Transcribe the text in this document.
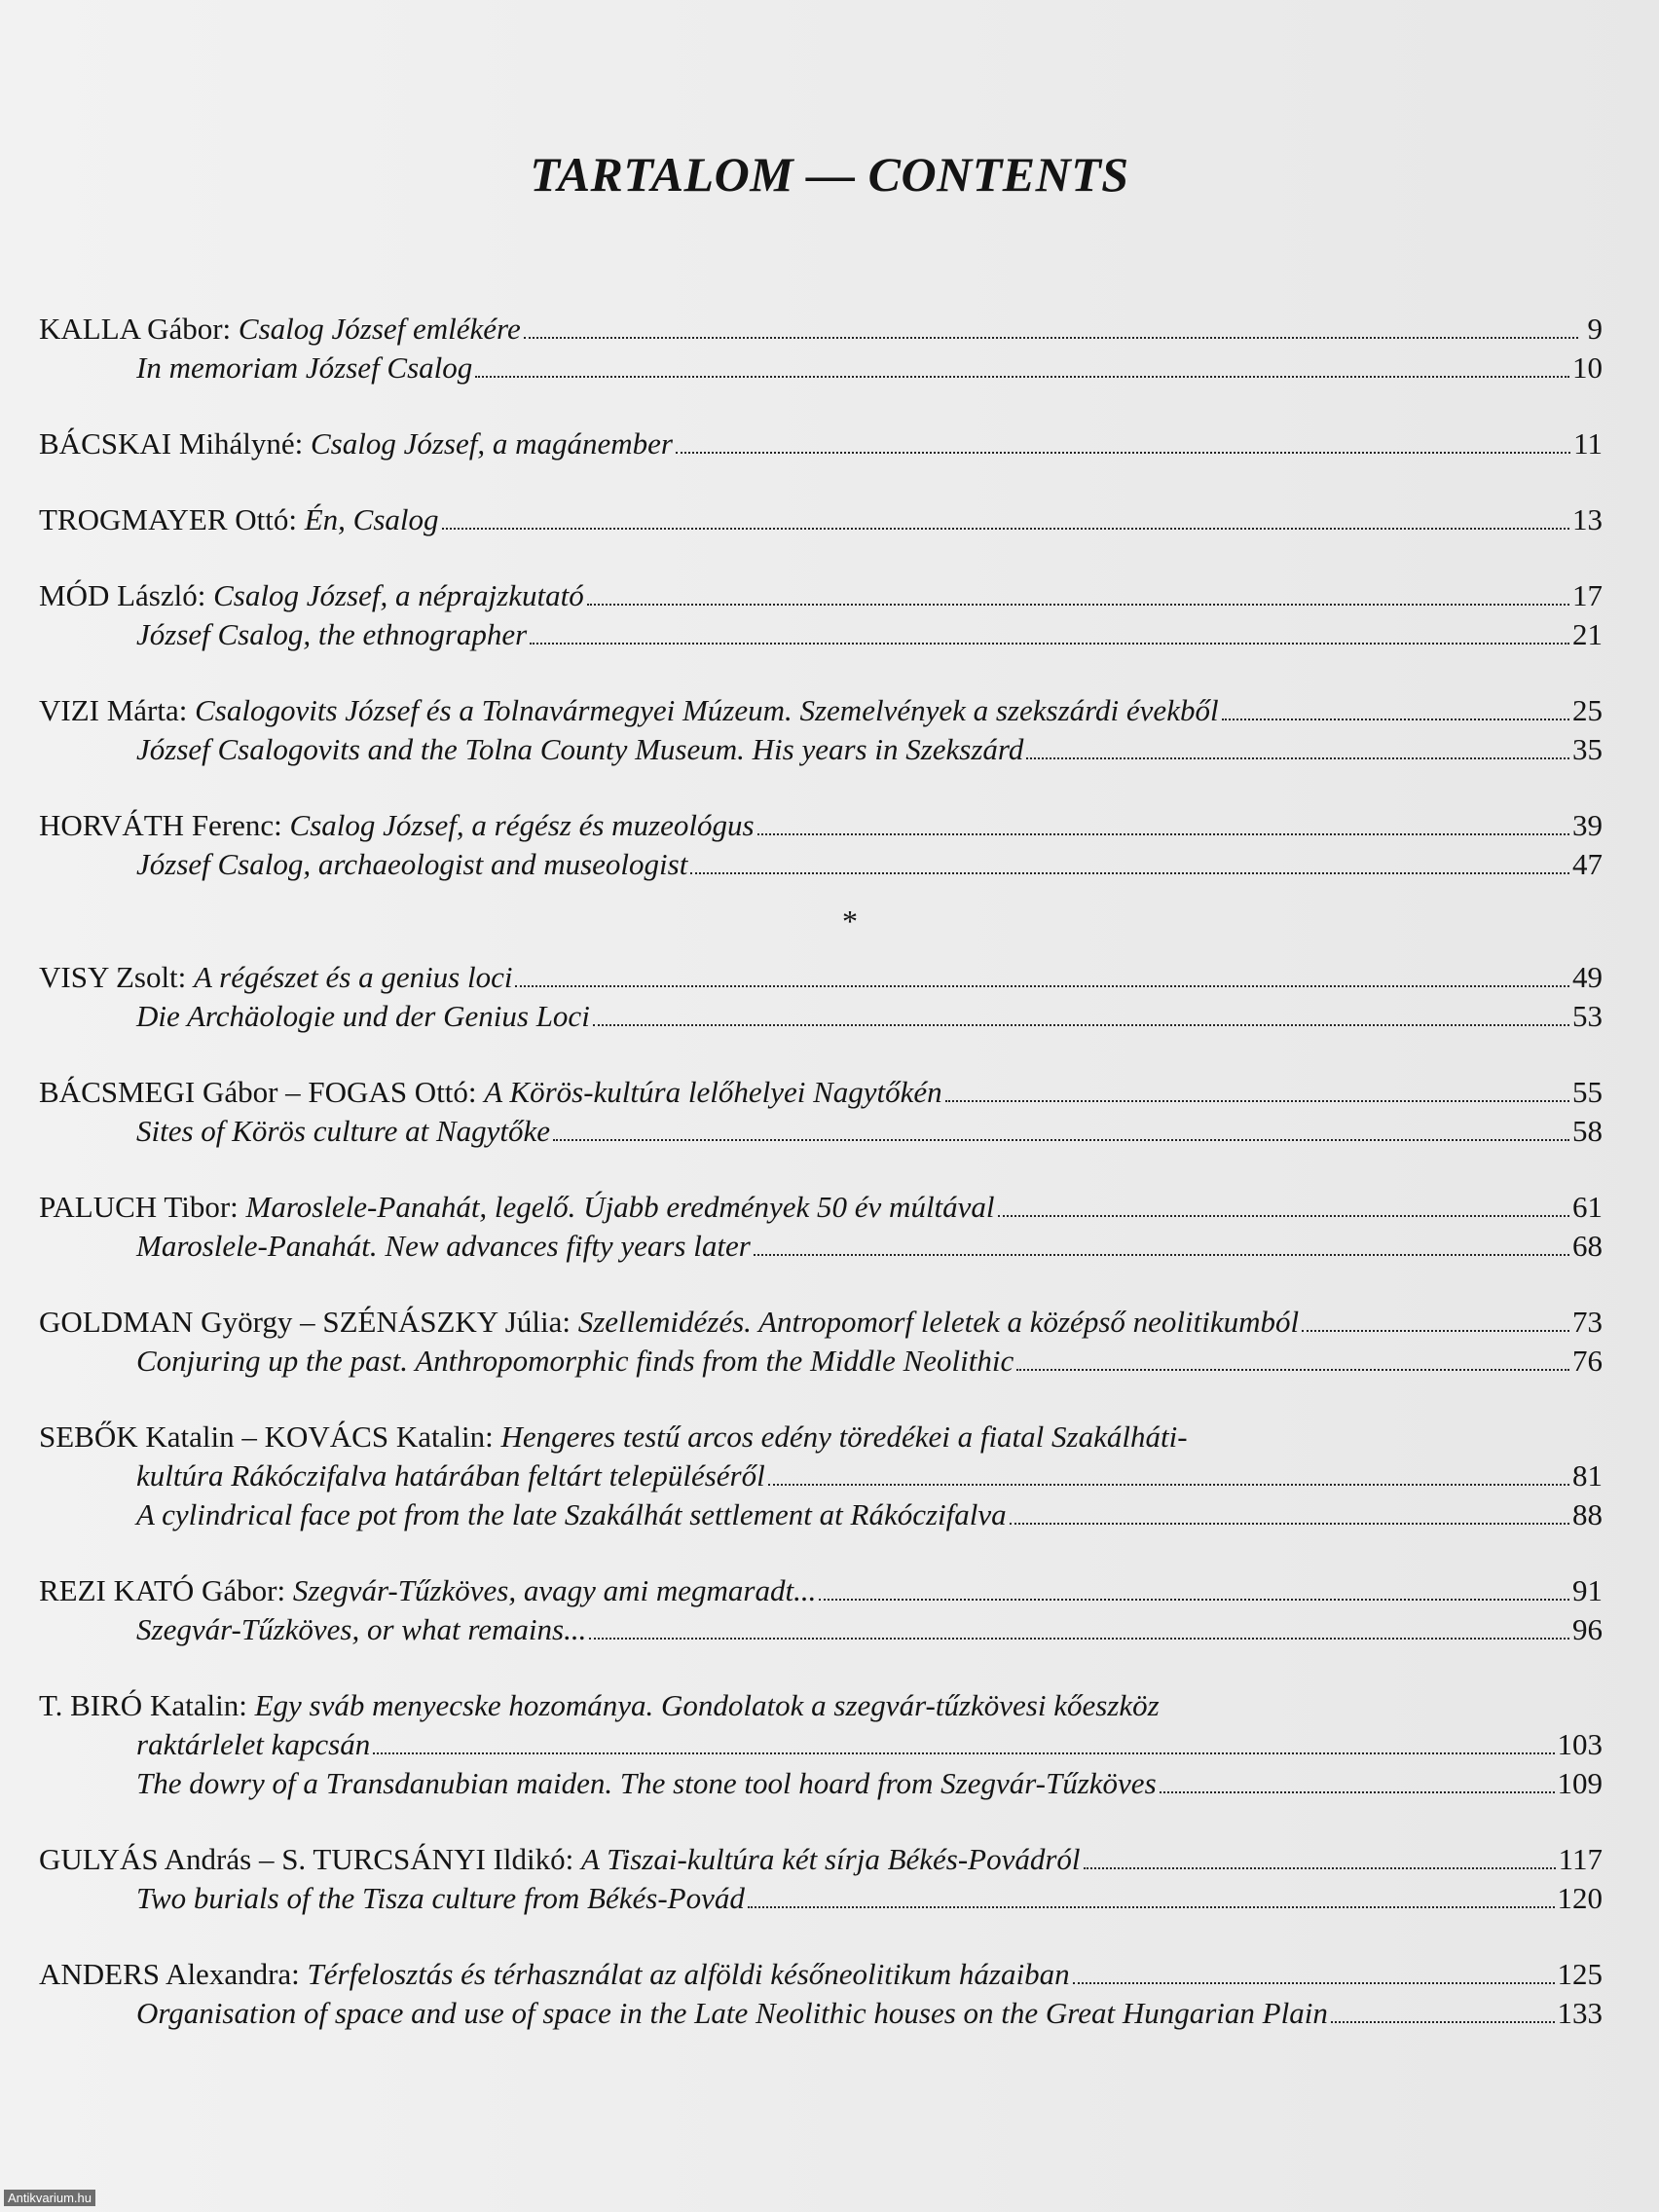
TARTALOM — CONTENTS
KALLA Gábor:
Csalog József emlékére	9
In memoriam József Csalog	10
BÁCSKAI Mihályné:
Csalog József, a magánember	11
TROGMAYER Ottó:
Én, Csalog	13
MÓD László:
Csalog József, a néprajzkutató	17
József Csalog, the ethnographer	21
VIZI Márta:
Csalogovits József és a Tolnavármegyei Múzeum. Szemelvények a szekszárdi évekből	25
József Csalogovits and the Tolna County Museum. His years in Szekszárd	35
HORVÁTH Ferenc:
Csalog József, a régész és muzeológus	39
József Csalog, archaeologist and museologist	47
*
VISY Zsolt:
A régészet és a genius loci	49
Die Archäologie und der Genius Loci	53
BÁCSMEGI Gábor – FOGAS Ottó:
A Körös-kultúra lelőhelyei Nagytőkén	55
Sites of Körös culture at Nagytőke	58
PALUCH Tibor:
Maroslele-Panahát, legelő. Újabb eredmények 50 év múltával	61
Maroslele-Panahát. New advances fifty years later	68
GOLDMAN György – SZÉNÁSZKY Júlia:
Szellemidézés. Antropomorf leletek a középső neolitikumból	73
Conjuring up the past. Anthropomorphic finds from the Middle Neolithic	76
SEBŐK Katalin – KOVÁCS Katalin:
Hengeres testű arcos edény töredékei a fiatal Szakálháti-
kultúra Rákóczifalva határában feltárt településéről	81
A cylindrical face pot from the late Szakálhát settlement at Rákóczifalva	88
REZI KATÓ Gábor:
Szegvár-Tűzköves, avagy ami megmaradt...	91
Szegvár-Tűzköves, or what remains...	96
T. BIRÓ Katalin:
Egy sváb menyecske hozománya. Gondolatok a szegvár-tűzkövesi kőeszköz
raktárlelet kapcsán	103
The dowry of a Transdanubian maiden. The stone tool hoard from Szegvár-Tűzköves	109
GULYÁS András – S. TURCSÁNYI Ildikó:
A Tiszai-kultúra két sírja Békés-Povádról	117
Two burials of the Tisza culture from Békés-Povád	120
ANDERS Alexandra:
Térfelosztás és térhasználat az alföldi későneolitikum házaiban	125
Organisation of space and use of space in the Late Neolithic houses on the Great Hungarian Plain	133
Antikvarium.hu
